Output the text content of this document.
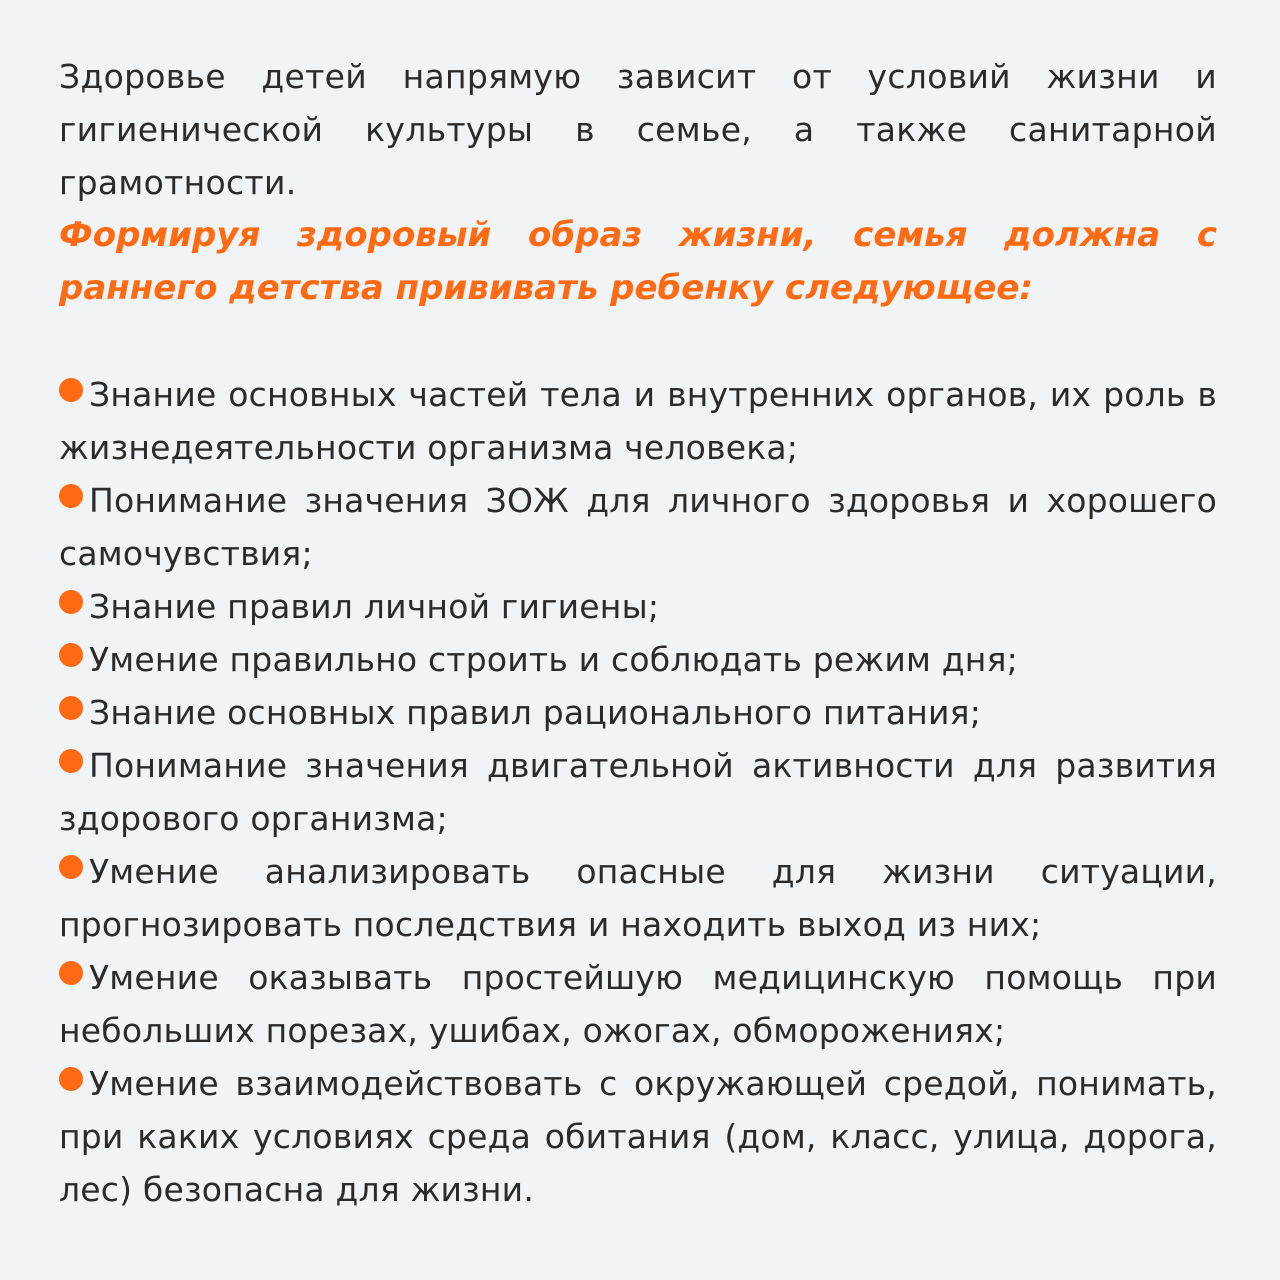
Здоровье детей напрямую зависит от условий жизни и гигиенической культуры в семье, а также санитарной грамотности.

Формируя здоровый образ жизни, семья должна с раннего детства прививать ребенку следующее:

Знание основных частей тела и внутренних органов, их роль в жизнедеятельности организма человека;
Понимание значения ЗОЖ для личного здоровья и хорошего самочувствия;
Знание правил личной гигиены;
Умение правильно строить и соблюдать режим дня;
Знание основных правил рационального питания;
Понимание значения двигательной активности для развития здорового организма;
Умение анализировать опасные для жизни ситуации, прогнозировать последствия и находить выход из них;
Умение оказывать простейшую медицинскую помощь при небольших порезах, ушибах, ожогах, обморожениях;
Умение взаимодействовать с окружающей средой, понимать, при каких условиях среда обитания (дом, класс, улица, дорога, лес) безопасна для жизни.
